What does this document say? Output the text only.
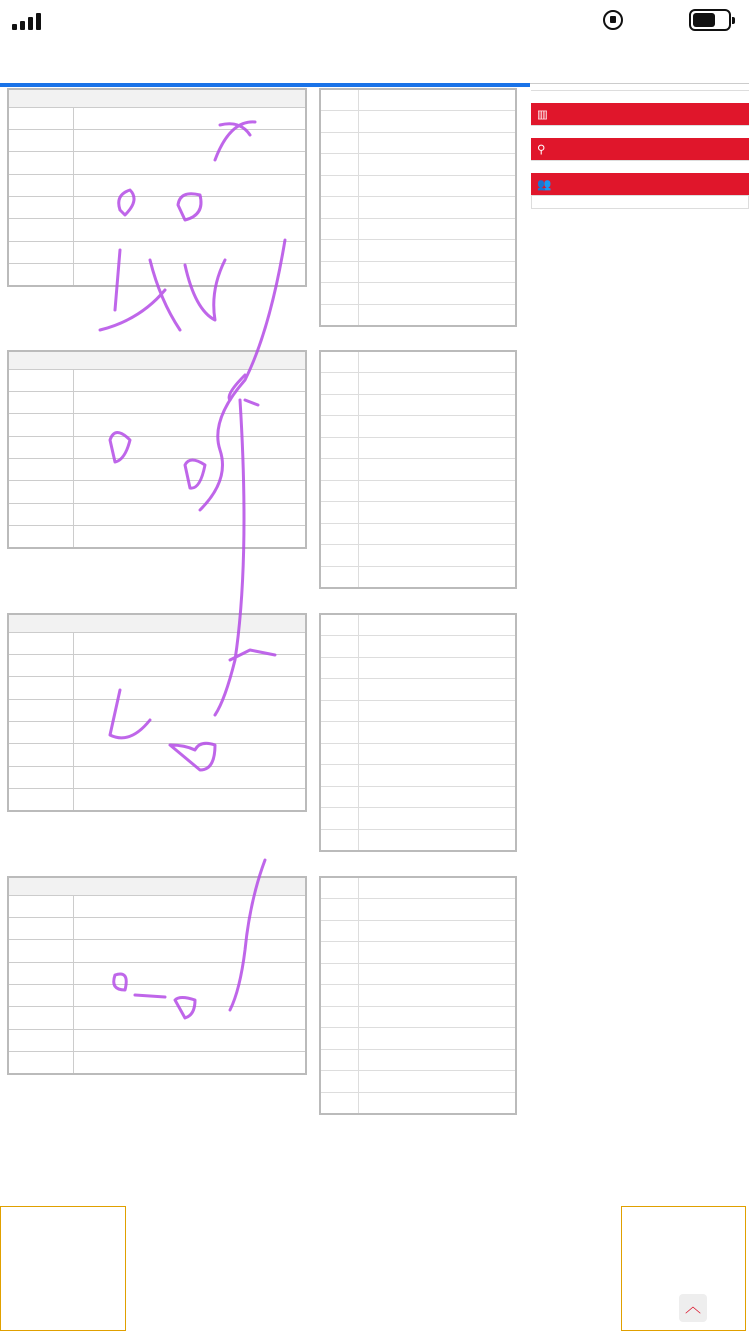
▥
⚲
👥
︿
